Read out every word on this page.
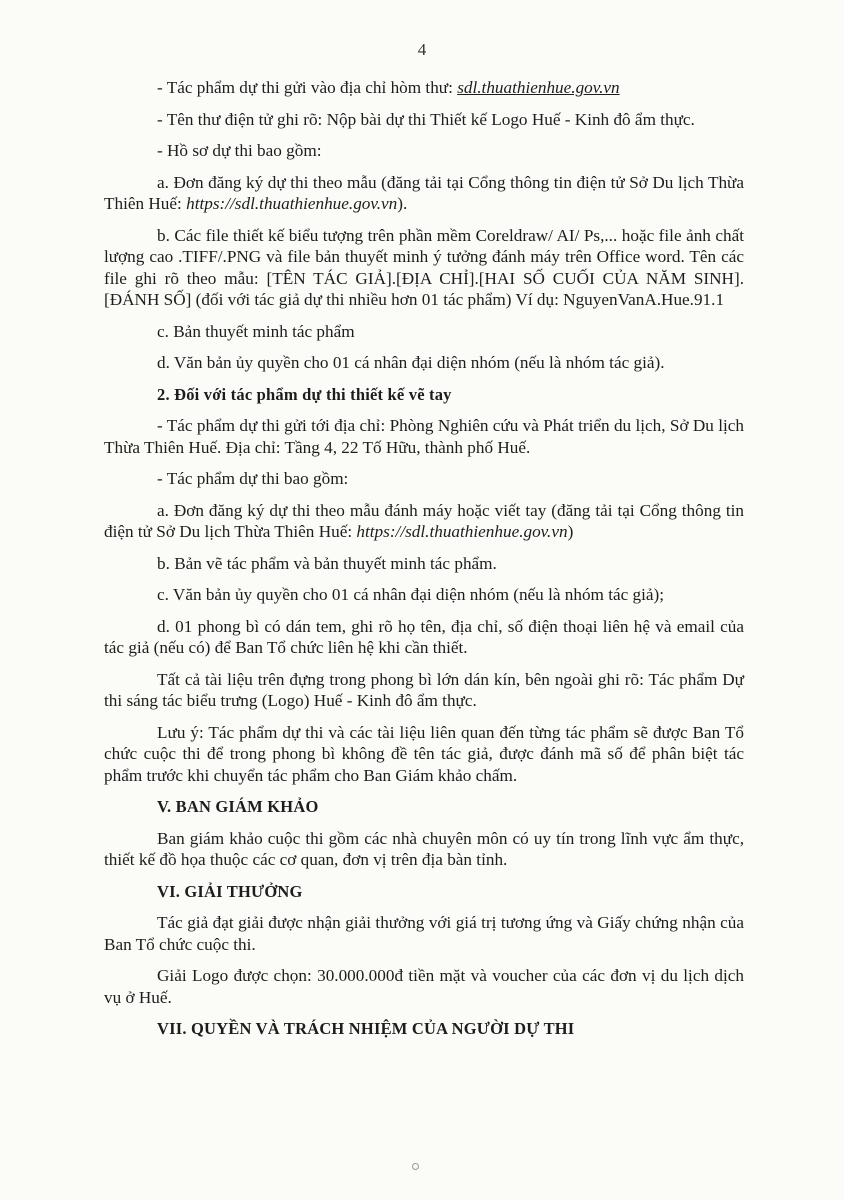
4

- Tác phẩm dự thi gửi vào địa chỉ hòm thư: sdl.thuathienhue.gov.vn

- Tên thư điện tử ghi rõ: Nộp bài dự thi Thiết kế Logo Huế - Kinh đô ẩm thực.

- Hồ sơ dự thi bao gồm:

a. Đơn đăng ký dự thi theo mẫu (đăng tải tại Cổng thông tin điện tử Sở Du lịch Thừa Thiên Huế: https://sdl.thuathienhue.gov.vn).

b. Các file thiết kế biểu tượng trên phần mềm Coreldraw/ AI/ Ps,... hoặc file ảnh chất lượng cao .TIFF/.PNG và file bản thuyết minh ý tưởng đánh máy trên Office word. Tên các file ghi rõ theo mẫu: [TÊN TÁC GIẢ].[ĐỊA CHỈ].[HAI SỐ CUỐI CỦA NĂM SINH].[ĐÁNH SỐ] (đối với tác giả dự thi nhiều hơn 01 tác phẩm) Ví dụ: NguyenVanA.Hue.91.1

c. Bản thuyết minh tác phẩm

d. Văn bản ủy quyền cho 01 cá nhân đại diện nhóm (nếu là nhóm tác giả).

2. Đối với tác phẩm dự thi thiết kế vẽ tay

- Tác phẩm dự thi gửi tới địa chỉ: Phòng Nghiên cứu và Phát triển du lịch, Sở Du lịch Thừa Thiên Huế. Địa chỉ: Tầng 4, 22 Tố Hữu, thành phố Huế.

- Tác phẩm dự thi bao gồm:

a. Đơn đăng ký dự thi theo mẫu đánh máy hoặc viết tay (đăng tải tại Cổng thông tin điện tử Sở Du lịch Thừa Thiên Huế: https://sdl.thuathienhue.gov.vn)

b. Bản vẽ tác phẩm và bản thuyết minh tác phẩm.

c. Văn bản ủy quyền cho 01 cá nhân đại diện nhóm (nếu là nhóm tác giả);

d. 01 phong bì có dán tem, ghi rõ họ tên, địa chỉ, số điện thoại liên hệ và email của tác giả (nếu có) để Ban Tổ chức liên hệ khi cần thiết.

Tất cả tài liệu trên đựng trong phong bì lớn dán kín, bên ngoài ghi rõ: Tác phẩm Dự thi sáng tác biểu trưng (Logo) Huế - Kinh đô ẩm thực.

Lưu ý: Tác phẩm dự thi và các tài liệu liên quan đến từng tác phẩm sẽ được Ban Tổ chức cuộc thi để trong phong bì không đề tên tác giả, được đánh mã số để phân biệt tác phẩm trước khi chuyển tác phẩm cho Ban Giám khảo chấm.

V. BAN GIÁM KHẢO

Ban giám khảo cuộc thi gồm các nhà chuyên môn có uy tín trong lĩnh vực ẩm thực, thiết kế đồ họa thuộc các cơ quan, đơn vị trên địa bàn tỉnh.

VI. GIẢI THƯỞNG

Tác giả đạt giải được nhận giải thưởng với giá trị tương ứng và Giấy chứng nhận của Ban Tổ chức cuộc thi.

Giải Logo được chọn: 30.000.000đ tiền mặt và voucher của các đơn vị du lịch dịch vụ ở Huế.

VII. QUYỀN VÀ TRÁCH NHIỆM CỦA NGƯỜI DỰ THI
